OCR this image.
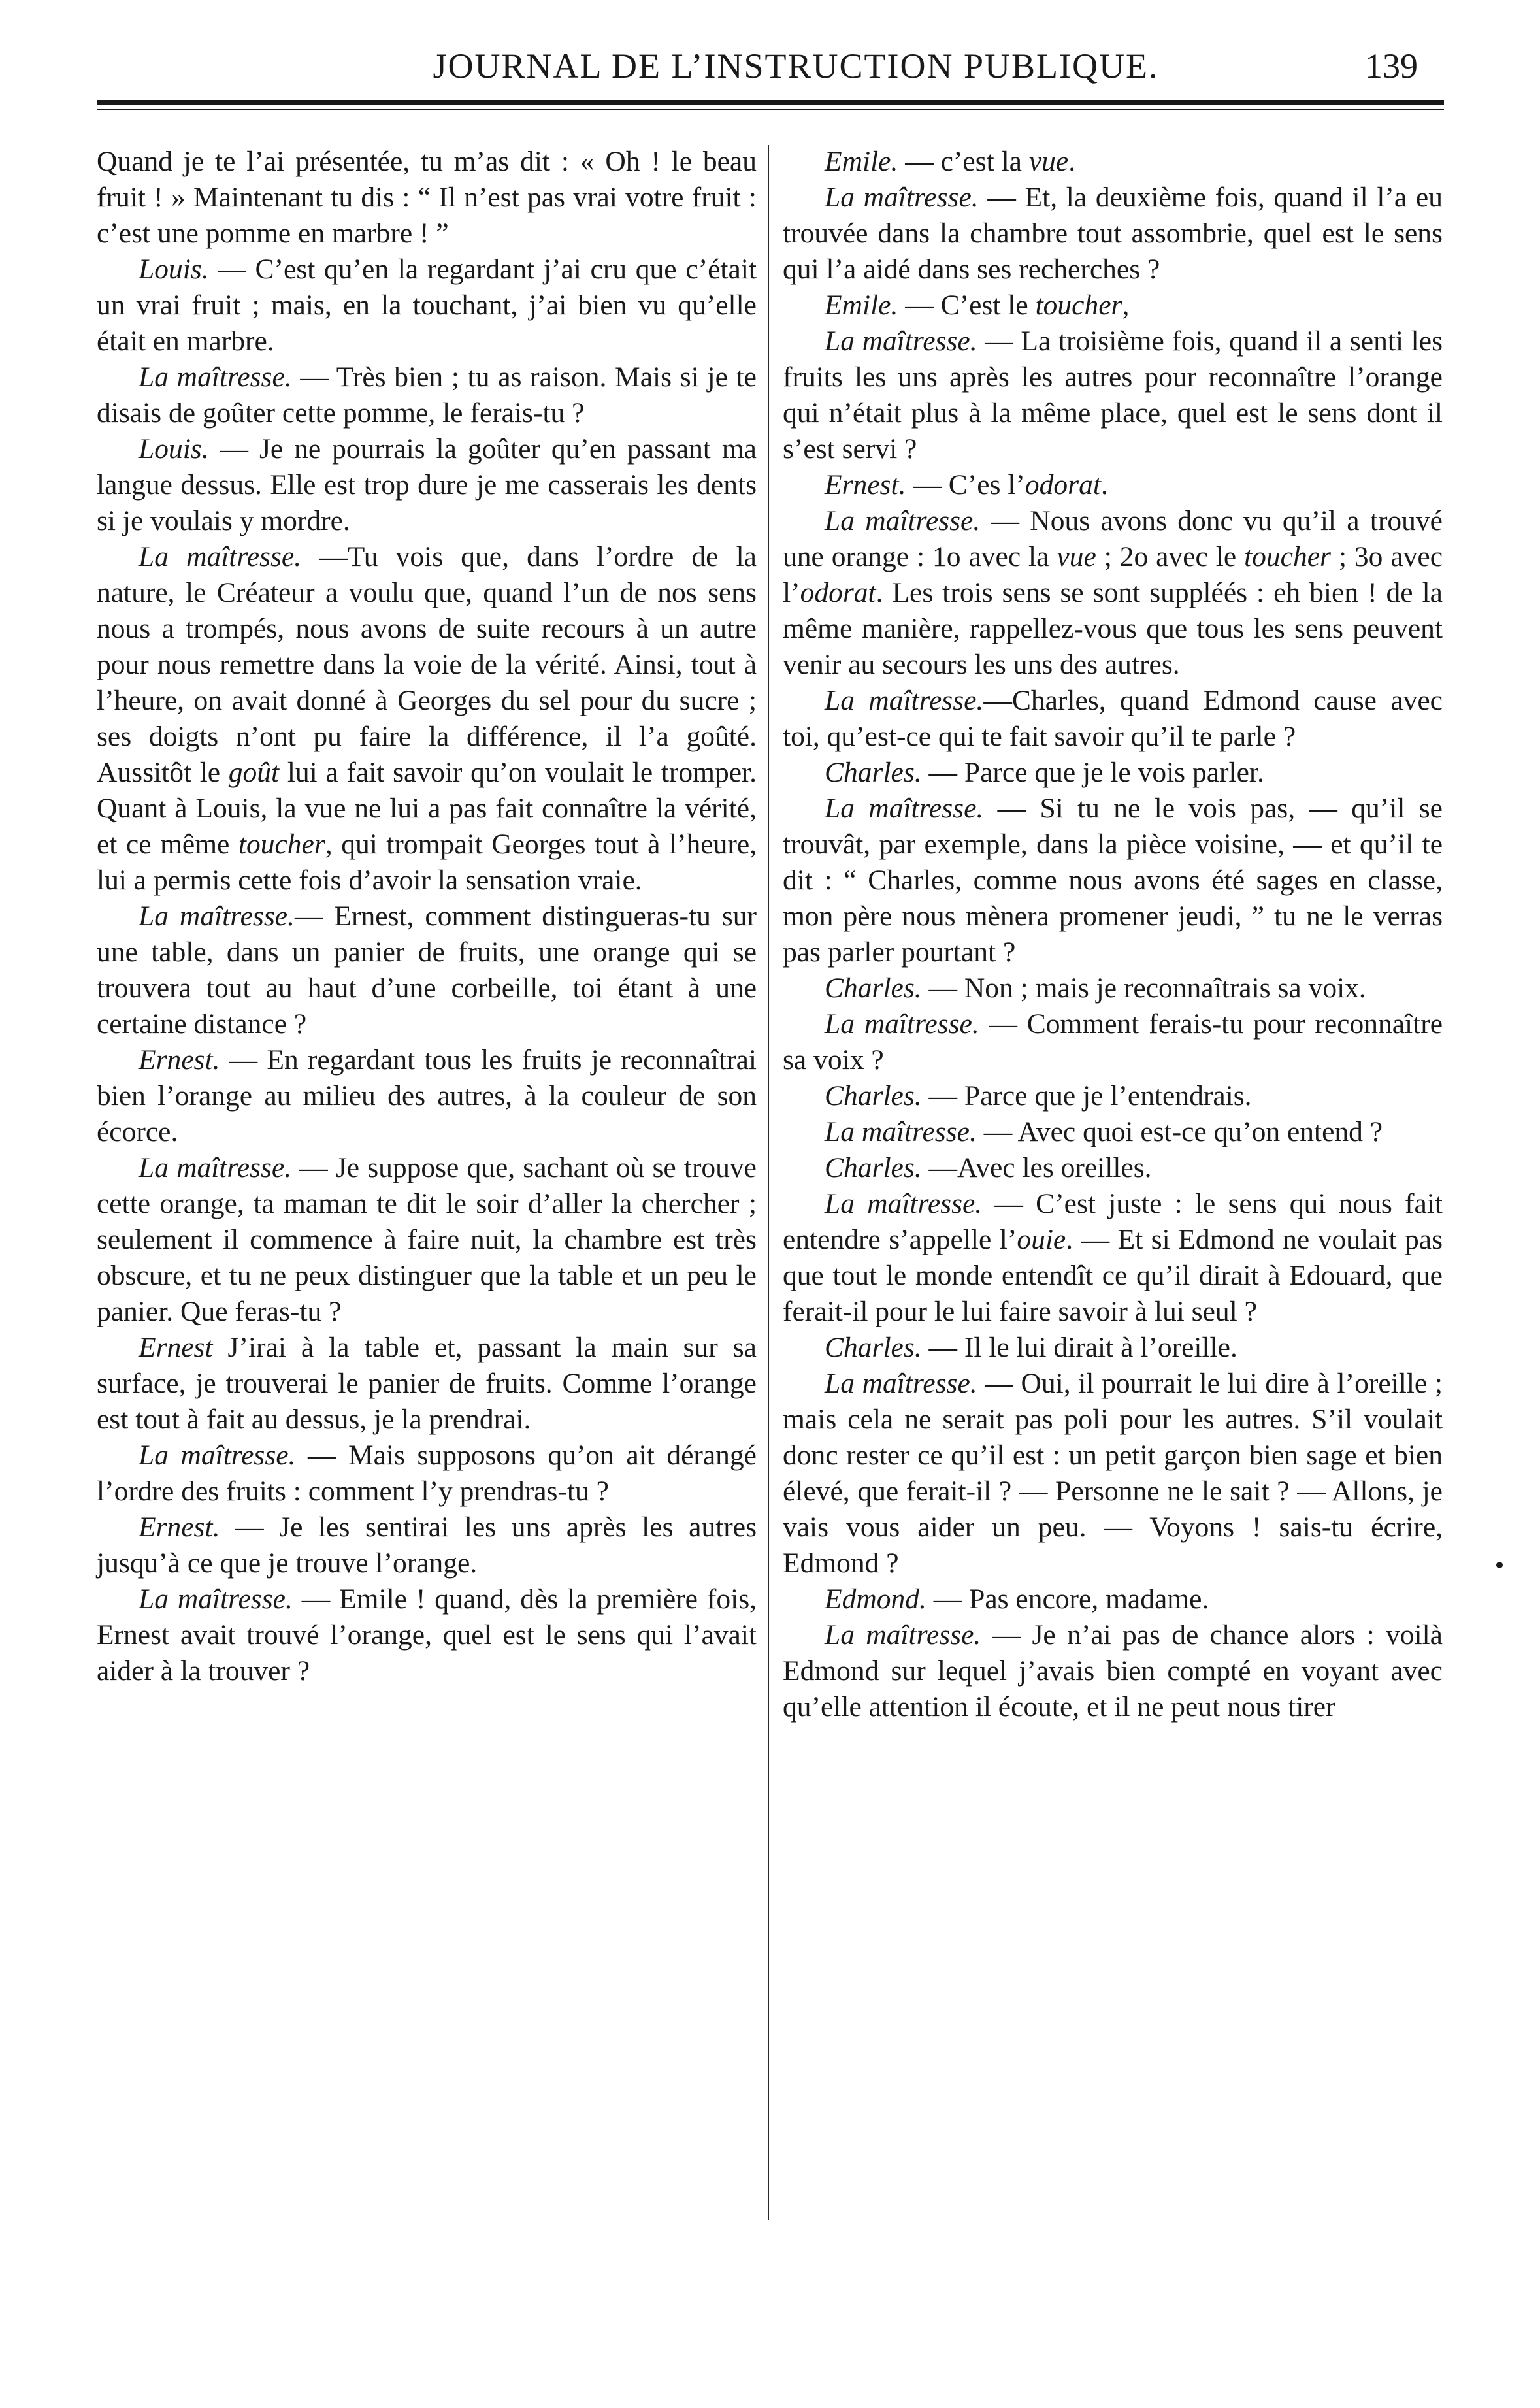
JOURNAL DE L’INSTRUCTION PUBLIQUE.	139

Quand je te l’ai présentée, tu m’as dit : « Oh ! le beau fruit ! » Maintenant tu dis : “ Il n’est pas vrai votre fruit : c’est une pomme en marbre ! ”

Louis. — C’est qu’en la regardant j’ai cru que c’était un vrai fruit ; mais, en la touchant, j’ai bien vu qu’elle était en marbre.

La maîtresse. — Très bien ; tu as raison. Mais si je te disais de goûter cette pomme, le ferais-tu ?

Louis. — Je ne pourrais la goûter qu’en passant ma langue dessus. Elle est trop dure je me casserais les dents si je voulais y mordre.

La maîtresse. —Tu vois que, dans l’ordre de la nature, le Créateur a voulu que, quand l’un de nos sens nous a trompés, nous avons de suite recours à un autre pour nous remettre dans la voie de la vérité. Ainsi, tout à l’heure, on avait donné à Georges du sel pour du sucre ; ses doigts n’ont pu faire la différence, il l’a goûté. Aussitôt le goût lui a fait savoir qu’on voulait le tromper. Quant à Louis, la vue ne lui a pas fait connaître la vérité, et ce même toucher, qui trompait Georges tout à l’heure, lui a permis cette fois d’avoir la sensation vraie.

La maîtresse.— Ernest, comment distingueras-tu sur une table, dans un panier de fruits, une orange qui se trouvera tout au haut d’une corbeille, toi étant à une certaine distance ?

Ernest. — En regardant tous les fruits je reconnaîtrai bien l’orange au milieu des autres, à la couleur de son écorce.

La maîtresse. — Je suppose que, sachant où se trouve cette orange, ta maman te dit le soir d’aller la chercher ; seulement il commence à faire nuit, la chambre est très obscure, et tu ne peux distinguer que la table et un peu le panier. Que feras-tu ?

Ernest J’irai à la table et, passant la main sur sa surface, je trouverai le panier de fruits. Comme l’orange est tout à fait au dessus, je la prendrai.

La maîtresse. — Mais supposons qu’on ait dérangé l’ordre des fruits : comment l’y prendras-tu ?

Ernest. — Je les sentirai les uns après les autres jusqu’à ce que je trouve l’orange.

La maîtresse. — Emile ! quand, dès la première fois, Ernest avait trouvé l’orange, quel est le sens qui l’avait aider à la trouver ?

Emile. — c’est la vue.

La maîtresse. — Et, la deuxième fois, quand il l’a eu trouvée dans la chambre tout assombrie, quel est le sens qui l’a aidé dans ses recherches ?

Emile. — C’est le toucher,

La maîtresse. — La troisième fois, quand il a senti les fruits les uns après les autres pour reconnaître l’orange qui n’était plus à la même place, quel est le sens dont il s’est servi ?

Ernest. — C’es l’odorat.

La maîtresse. — Nous avons donc vu qu’il a trouvé une orange : 1o avec la vue ; 2o avec le toucher ; 3o avec l’odorat. Les trois sens se sont suppléés : eh bien ! de la même manière, rappellez-vous que tous les sens peuvent venir au secours les uns des autres.

La maîtresse.—Charles, quand Edmond cause avec toi, qu’est-ce qui te fait savoir qu’il te parle ?

Charles. — Parce que je le vois parler.

La maîtresse. — Si tu ne le vois pas, — qu’il se trouvât, par exemple, dans la pièce voisine, — et qu’il te dit : “ Charles, comme nous avons été sages en classe, mon père nous mènera promener jeudi, ” tu ne le verras pas parler pourtant ?

Charles. — Non ; mais je reconnaîtrais sa voix.

La maîtresse. — Comment ferais-tu pour reconnaître sa voix ?

Charles. — Parce que je l’entendrais.

La maîtresse. — Avec quoi est-ce qu’on entend ?

Charles. —Avec les oreilles.

La maîtresse. — C’est juste : le sens qui nous fait entendre s’appelle l’ouie. — Et si Edmond ne voulait pas que tout le monde entendît ce qu’il dirait à Edouard, que ferait-il pour le lui faire savoir à lui seul ?

Charles. — Il le lui dirait à l’oreille.

La maîtresse. — Oui, il pourrait le lui dire à l’oreille ; mais cela ne serait pas poli pour les autres. S’il voulait donc rester ce qu’il est : un petit garçon bien sage et bien élevé, que ferait-il ? — Personne ne le sait ? — Allons, je vais vous aider un peu. — Voyons ! sais-tu écrire, Edmond ?

Edmond. — Pas encore, madame.

La maîtresse. — Je n’ai pas de chance alors : voilà Edmond sur lequel j’avais bien compté en voyant avec qu’elle attention il écoute, et il ne peut nous tirer
